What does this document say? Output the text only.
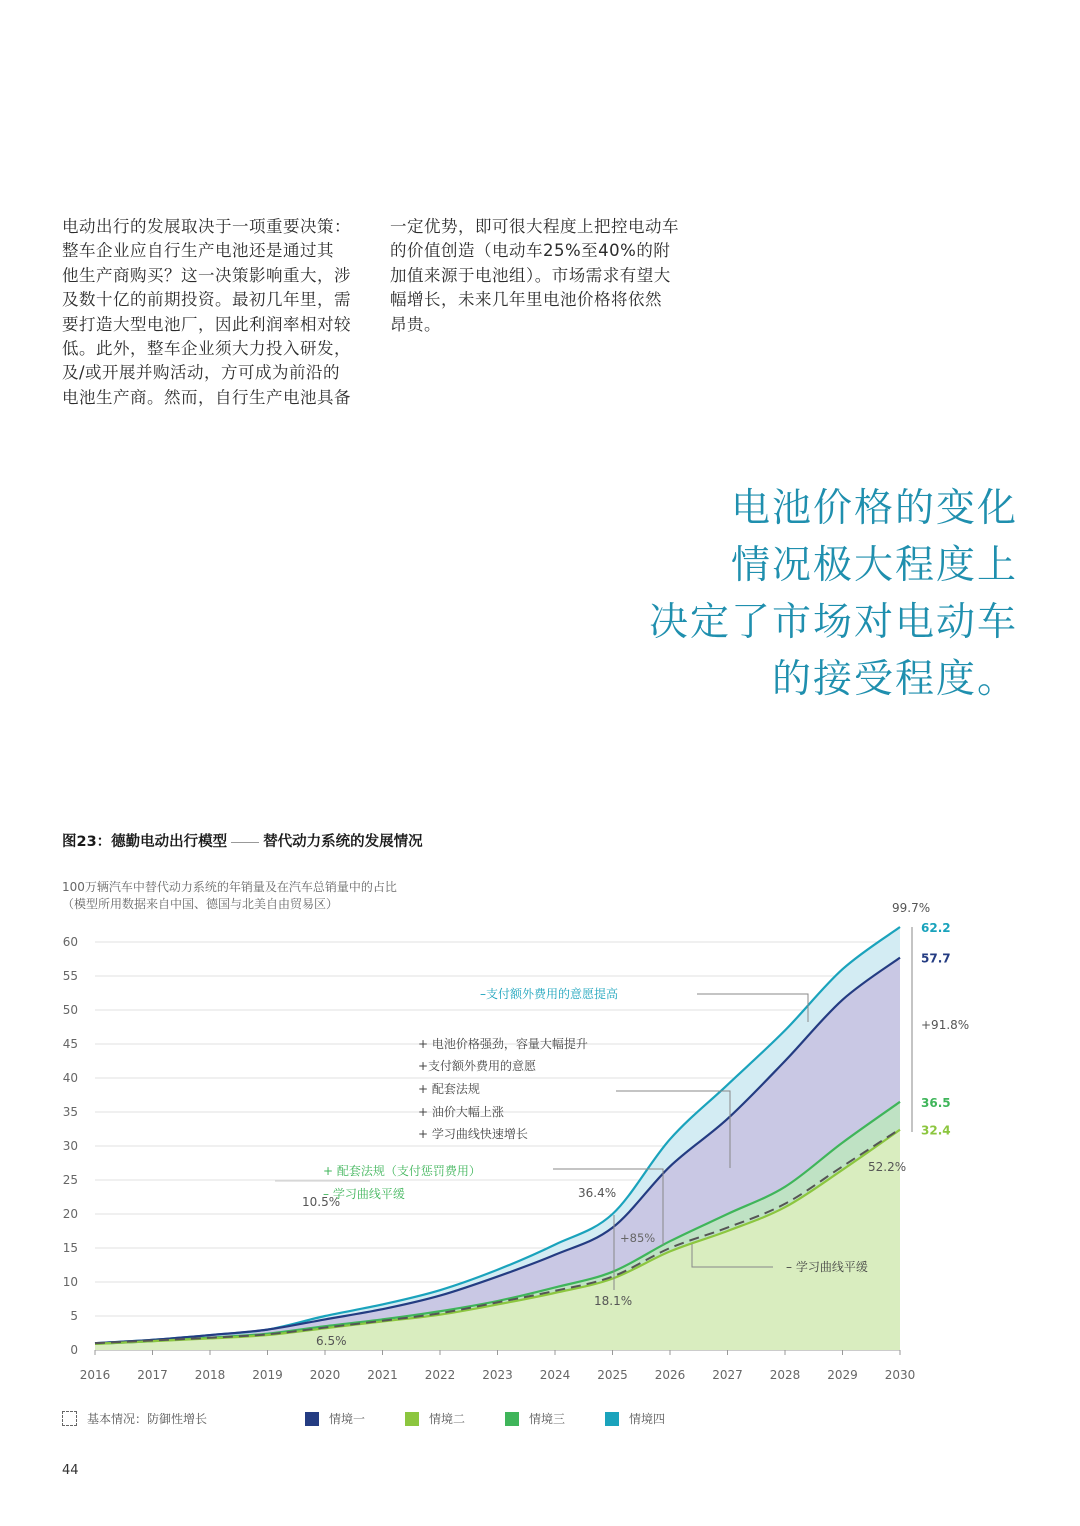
电动出行的发展取决于一项重要决策：
整车企业应自行生产电池还是通过其
他生产商购买？这一决策影响重大，涉
及数十亿的前期投资。最初几年里，需
要打造大型电池厂，因此利润率相对较
低。此外，整车企业须大力投入研发，
及/或开展并购活动，方可成为前沿的
电池生产商。然而，自行生产电池具备
一定优势，即可很大程度上把控电动车
的价值创造（电动车25%至40%的附
加值来源于电池组）。市场需求有望大
幅增长，未来几年里电池价格将依然
昂贵。
电池价格的变化
情况极大程度上
决定了市场对电动车
的接受程度。
图23：德勤电动出行模型 替代动力系统的发展情况
100万辆汽车中替代动力系统的年销量及在汽车总销量中的占比
（模型所用数据来自中国、德国与北美自由贸易区）
0
5
10
15
20
25
30
35
40
45
50
55
60
2016 2017 2018 2019 2020 2021 2022 2023 2024 2025 2026 2027 2028 2029 2030
62.2
57.7
36.5
32.4
10.5%
6.5%
36.4%
18.1%
+85%
99.7%
52.2%
+91.8%
–支付额外费用的意愿提高
+ 电池价格强劲，容量大幅提升
+支付额外费用的意愿
+ 配套法规
+ 油价大幅上涨
+ 学习曲线快速增长
+ 配套法规（支付惩罚费用）
– 学习曲线平缓
– 学习曲线平缓
基本情况：防御性增长	情境一	情境二	情境三	情境四
44
